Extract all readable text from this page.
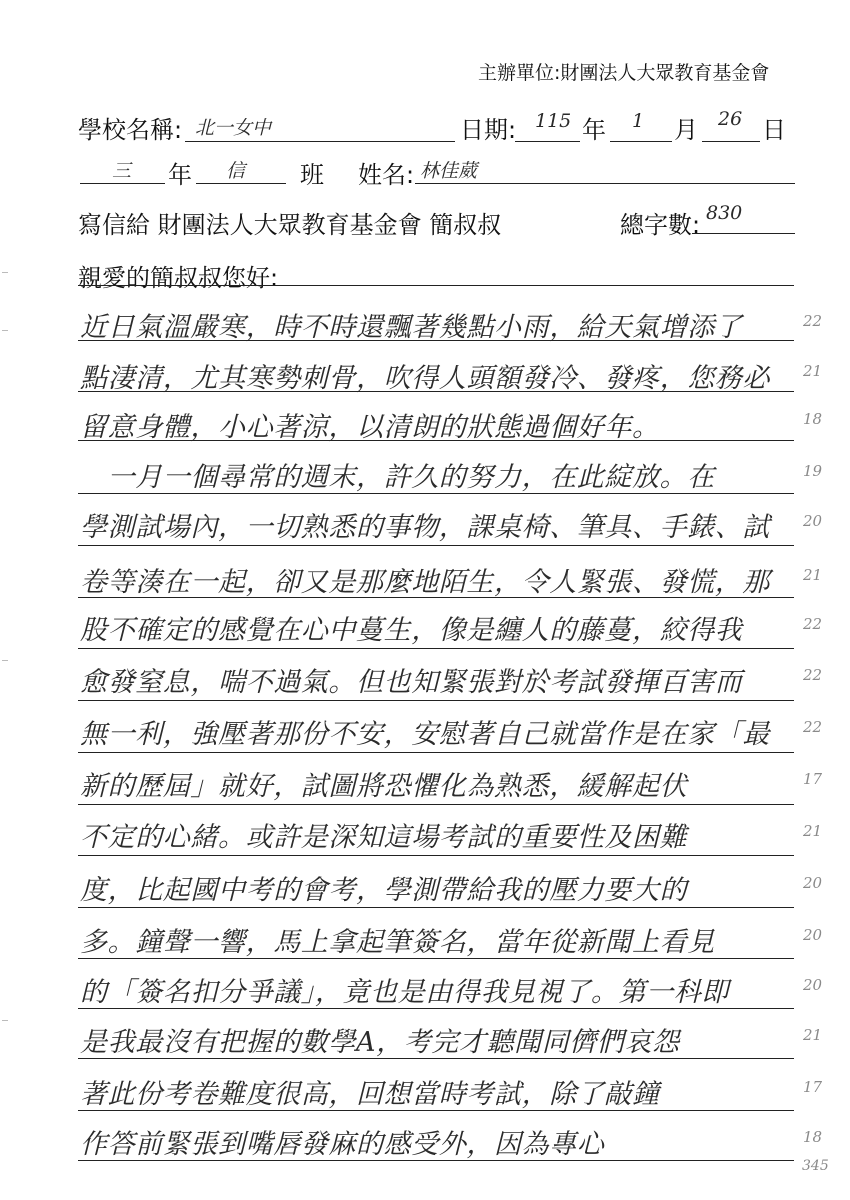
主辦單位:財團法人大眾教育基金會
學校名稱: 北一女中	日期: 115 年 1 月 26 日
三 年 信 班 姓名: 林佳葳
寫信給 財團法人大眾教育基金會 簡叔叔	總字數: 830
親愛的簡叔叔您好:
近日氣溫嚴寒，時不時還飄著幾點小雨，給天氣增添了	22
點淒清，尤其寒勢刺骨，吹得人頭額發冷、發疼，您務必	21
留意身體，小心著涼，以清朗的狀態過個好年。	18
　一月一個尋常的週末，許久的努力，在此綻放。在	19
學測試場內，一切熟悉的事物，課桌椅、筆具、手錶、試	20
卷等湊在一起，卻又是那麼地陌生，令人緊張、發慌，那	21
股不確定的感覺在心中蔓生，像是纏人的藤蔓，絞得我	22
愈發窒息，喘不過氣。但也知緊張對於考試發揮百害而	22
無一利，強壓著那份不安，安慰著自己就當作是在家「最	22
新的歷屆」就好，試圖將恐懼化為熟悉，緩解起伏	17
不定的心緒。或許是深知這場考試的重要性及困難	21
度，比起國中考的會考，學測帶給我的壓力要大的	20
多。鐘聲一響，馬上拿起筆簽名，當年從新聞上看見	20
的「簽名扣分爭議」，竟也是由得我見視了。第一科即	20
是我最沒有把握的數學A，考完才聽聞同儕們哀怨	21
著此份考卷難度很高，回想當時考試，除了敲鐘	17
作答前緊張到嘴唇發麻的感受外，因為專心	18
345
